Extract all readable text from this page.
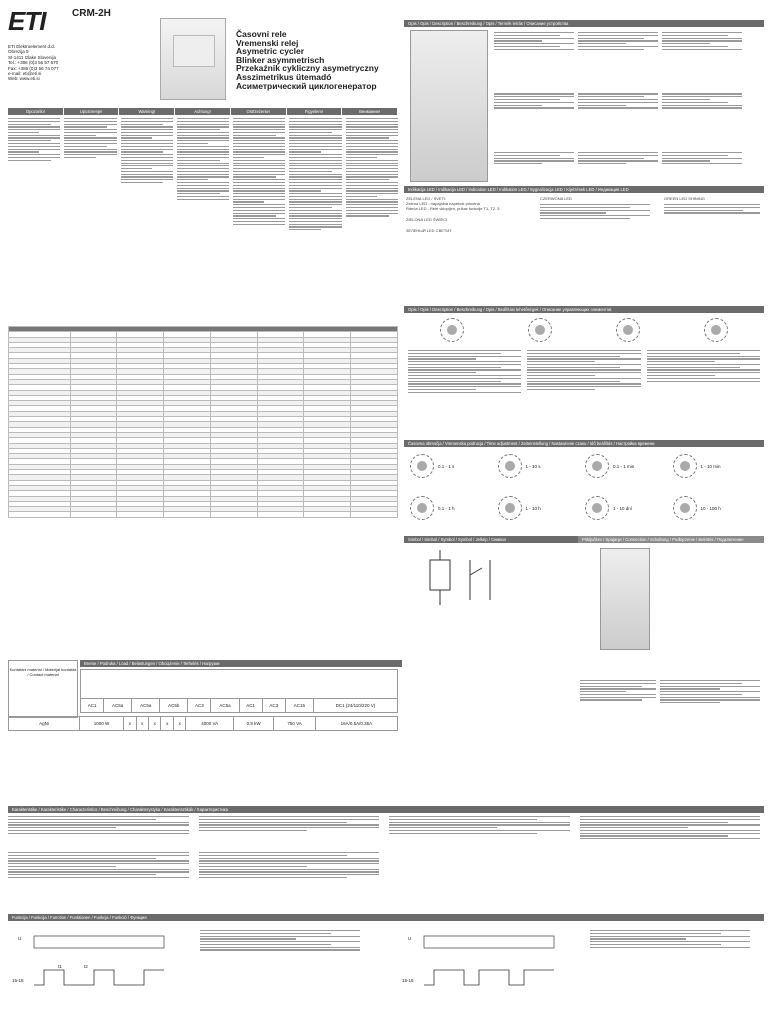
ETI	CRM-2H
ETI Elektroelement d.d.
Obrezija 5
SI-1411 Izlake Slovenija
Tel.: +386 (0)3 56 57 570
Fax: +386 (0)3 56 74 077
e-mail: eti@eti.si
Web: www.eti.si
Časovni rele
Vremenski relej
Asymetric cycler
Blinker asymmetrisch
Przekaźnik cykliczny asymetryczny
Asszimetrikus ütemadó
Асиметрический циклогенератор
Opozorilo!	Upozorenje!	Warning!	Achtung!	Ostrzeżenie!	Figyelem!	Внимание!

Breme / Podruka / Load / Belastungen / Obciążenie / Terhelés / Нагрузки
Kontaktni material / Materijal kontakta / Contact material

AC1	AC5a	AC5a	AC5b	AC3	AC5a	AC1	AC3	AC15	DC1 (24/110/220 V)
AgNi	1000 W	x	x	x	x	x	4000 VA	0.9 kW	750 VA	16A/0.5A/0.35A
Opis / Opis / Description / Beschreibung / Opis / Termék leírás / Описание устройства
Indikacija LED / Indikacija LED / Indication LED / Indikation LED / Sygnalizacja LED / Kijelzések LED / Индикация LED
ZELENA LED / SVETI:
Zelena LED - napajalna napetost prisotna
Rdeča LED - Relé vklopljen, prikaz funkcije T1, T2, 3
ZIELONA LED ŚWIECI
ЗЕЛЕНЫЙ LED СВЕТИТ
CZERWONA LED	GREEN LED SHINING
Opis / Opis / Description / Beschreibung / Opis / Beállítási lehetőségek / Описание управляющих элементов
Časovna območja / Vremenska podrucja / Time adjustment / Zeiteinstellung / Nastawienie czasu / Idő beállítás / Настройка времени
0.1 - 1 s	1 - 10 s	0.1 - 1 min	1 - 10 min
0.1 - 1 h	1 - 10 h	1 - 10 dní	10 - 100 h
Simbol / Simbol / Symbol / Symbol / Jelkép / Символ	Priključitev / Spajanje / Connection / Schaltung / Podłączenie / Bekötés / Подключение
Karakteristike / Karakteristike / Characteristics / Beschreibung / Charakterystyka / Karakterisztikák / Характеристика
Funkcija / Funkcija / Function / Funktionen / Funkcja / Funkció / Функция
U
15-18
t1	t2
U
15-18
